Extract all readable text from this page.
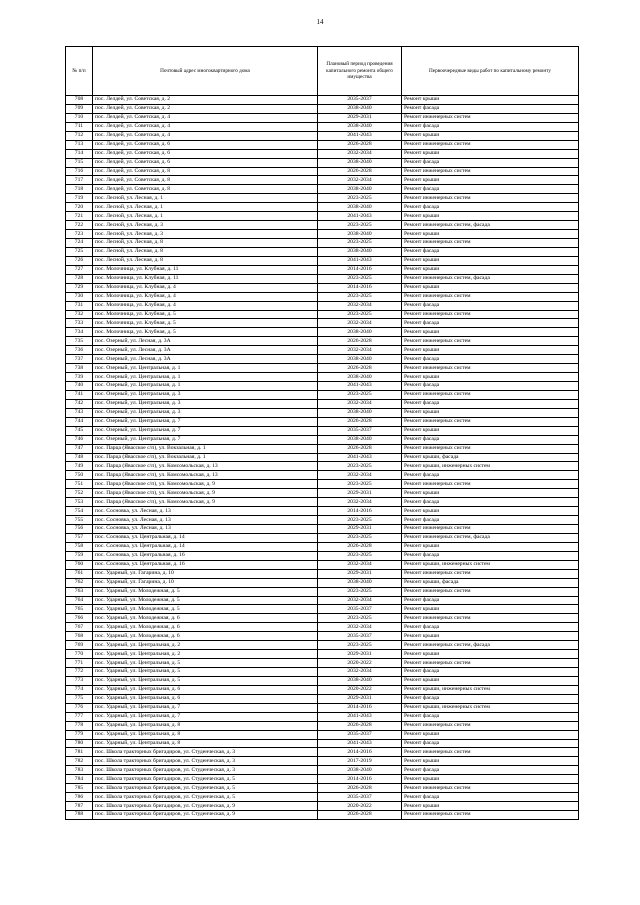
14
№ п/п	Почтовый адрес многоквартирного дома	Плановый период проведения капитального ремонта общего имущества	Первоочередные виды работ по капитальному ремонту
708	пос. Лелдей, ул. Советская, д. 2	2035-2037	Ремонт крыши
709	пос. Лелдей, ул. Советская, д. 2	2038-2040	Ремонт фасада
710	пос. Лелдей, ул. Советская, д. 4	2029-2031	Ремонт инженерных систем
711	пос. Лелдей, ул. Советская, д. 4	2038-2040	Ремонт фасада
712	пос. Лелдей, ул. Советская, д. 4	2041-2043	Ремонт крыши
713	пос. Лелдей, ул. Советская, д. 6	2026-2028	Ремонт инженерных систем
714	пос. Лелдей, ул. Советская, д. 6	2032-2034	Ремонт крыши
715	пос. Лелдей, ул. Советская, д. 6	2038-2040	Ремонт фасада
716	пос. Лелдей, ул. Советская, д. 8	2026-2028	Ремонт инженерных систем
717	пос. Лелдей, ул. Советская, д. 8	2032-2034	Ремонт крыши
718	пос. Лелдей, ул. Советская, д. 8	2038-2040	Ремонт фасада
719	пос. Лесной, ул. Лесная, д. 1	2023-2025	Ремонт инженерных систем
720	пос. Лесной, ул. Лесная, д. 1	2038-2040	Ремонт фасада
721	пос. Лесной, ул. Лесная, д. 1	2041-2043	Ремонт крыши
722	пос. Лесной, ул. Лесная, д. 3	2023-2025	Ремонт инженерных систем, фасада
723	пос. Лесной, ул. Лесная, д. 3	2038-2040	Ремонт крыши
724	пос. Лесной, ул. Лесная, д. 8	2023-2025	Ремонт инженерных систем
725	пос. Лесной, ул. Лесная, д. 8	2038-2040	Ремонт фасада
726	пос. Лесной, ул. Лесная, д. 8	2041-2043	Ремонт крыши
727	пос. Молочница, ул. Клубная, д. 11	2014-2016	Ремонт крыши
728	пос. Молочница, ул. Клубная, д. 11	2023-2025	Ремонт инженерных систем, фасада
729	пос. Молочница, ул. Клубная, д. 4	2014-2016	Ремонт крыши
730	пос. Молочница, ул. Клубная, д. 4	2023-2025	Ремонт инженерных систем
731	пос. Молочница, ул. Клубная, д. 4	2032-2034	Ремонт фасада
732	пос. Молочница, ул. Клубная, д. 5	2023-2025	Ремонт инженерных систем
733	пос. Молочница, ул. Клубная, д. 5	2032-2034	Ремонт фасада
734	пос. Молочница, ул. Клубная, д. 5	2038-2040	Ремонт крыши
735	пос. Озерный, ул. Лесная, д. 3А	2026-2028	Ремонт инженерных систем
736	пос. Озерный, ул. Лесная, д. 3А	2032-2034	Ремонт крыши
737	пос. Озерный, ул. Лесная, д. 3А	2038-2040	Ремонт фасада
738	пос. Озерный, ул. Центральная, д. 1	2026-2028	Ремонт инженерных систем
739	пос. Озерный, ул. Центральная, д. 1	2038-2040	Ремонт крыши
740	пос. Озерный, ул. Центральная, д. 1	2041-2043	Ремонт фасада
741	пос. Озерный, ул. Центральная, д. 3	2023-2025	Ремонт инженерных систем
742	пос. Озерный, ул. Центральная, д. 3	2032-2034	Ремонт фасада
743	пос. Озерный, ул. Центральная, д. 3	2038-2040	Ремонт крыши
744	пос. Озерный, ул. Центральная, д. 7	2026-2028	Ремонт инженерных систем
745	пос. Озерный, ул. Центральная, д. 7	2035-2037	Ремонт крыши
746	пос. Озерный, ул. Центральная, д. 7	2038-2040	Ремонт фасада
747	пос. Парца (Явасское с/п), ул. Вокзальная, д. 1	2026-2028	Ремонт инженерных систем
748	пос. Парца (Явасское с/п), ул. Вокзальная, д. 1	2041-2043	Ремонт крыши, фасада
749	пос. Парца (Явасское с/п), ул. Комсомольская, д. 13	2023-2025	Ремонт крыши, инженерных систем
750	пос. Парца (Явасское с/п), ул. Комсомольская, д. 13	2032-2034	Ремонт фасада
751	пос. Парца (Явасское с/п), ул. Комсомольская, д. 9	2023-2025	Ремонт инженерных систем
752	пос. Парца (Явасское с/п), ул. Комсомольская, д. 9	2029-2031	Ремонт крыши
753	пос. Парца (Явасское с/п), ул. Комсомольская, д. 9	2032-2034	Ремонт фасада
754	пос. Сосновка, ул. Лесная, д. 13	2014-2016	Ремонт крыши
755	пос. Сосновка, ул. Лесная, д. 13	2023-2025	Ремонт фасада
756	пос. Сосновка, ул. Лесная, д. 13	2029-2031	Ремонт инженерных систем
757	пос. Сосновка, ул. Центральная, д. 14	2023-2025	Ремонт инженерных систем, фасада
758	пос. Сосновка, ул. Центральная, д. 14	2026-2028	Ремонт крыши
759	пос. Сосновка, ул. Центральная, д. 16	2023-2025	Ремонт фасада
760	пос. Сосновка, ул. Центральная, д. 16	2032-2034	Ремонт крыши, инженерных систем
761	пос. Ударный, ул. Гагарина, д. 10	2029-2031	Ремонт инженерных систем
762	пос. Ударный, ул. Гагарина, д. 10	2038-2040	Ремонт крыши, фасада
763	пос. Ударный, ул. Молодежная, д. 5	2023-2025	Ремонт инженерных систем
764	пос. Ударный, ул. Молодежная, д. 5	2032-2034	Ремонт фасада
765	пос. Ударный, ул. Молодежная, д. 5	2035-2037	Ремонт крыши
766	пос. Ударный, ул. Молодежная, д. 6	2023-2025	Ремонт инженерных систем
767	пос. Ударный, ул. Молодежная, д. 6	2032-2034	Ремонт фасада
768	пос. Ударный, ул. Молодежная, д. 6	2035-2037	Ремонт крыши
769	пос. Ударный, ул. Центральная, д. 2	2023-2025	Ремонт инженерных систем, фасада
770	пос. Ударный, ул. Центральная, д. 2	2029-2031	Ремонт крыши
771	пос. Ударный, ул. Центральная, д. 5	2020-2022	Ремонт инженерных систем
772	пос. Ударный, ул. Центральная, д. 5	2032-2034	Ремонт фасада
773	пос. Ударный, ул. Центральная, д. 5	2038-2040	Ремонт крыши
774	пос. Ударный, ул. Центральная, д. 6	2020-2022	Ремонт крыши, инженерных систем
775	пос. Ударный, ул. Центральная, д. 6	2029-2031	Ремонт фасада
776	пос. Ударный, ул. Центральная, д. 7	2014-2016	Ремонт крыши, инженерных систем
777	пос. Ударный, ул. Центральная, д. 7	2041-2043	Ремонт фасада
778	пос. Ударный, ул. Центральная, д. 8	2026-2028	Ремонт инженерных систем
779	пос. Ударный, ул. Центральная, д. 8	2035-2037	Ремонт крыши
780	пос. Ударный, ул. Центральная, д. 8	2041-2043	Ремонт фасада
781	пос. Школа тракторных бригадиров, ул. Студенческая, д. 3	2014-2016	Ремонт инженерных систем
782	пос. Школа тракторных бригадиров, ул. Студенческая, д. 3	2017-2019	Ремонт крыши
783	пос. Школа тракторных бригадиров, ул. Студенческая, д. 3	2038-2040	Ремонт фасада
784	пос. Школа тракторных бригадиров, ул. Студенческая, д. 5	2014-2016	Ремонт крыши
785	пос. Школа тракторных бригадиров, ул. Студенческая, д. 5	2026-2028	Ремонт инженерных систем
786	пос. Школа тракторных бригадиров, ул. Студенческая, д. 5	2035-2037	Ремонт фасада
787	пос. Школа тракторных бригадиров, ул. Студенческая, д. 9	2020-2022	Ремонт крыши
788	пос. Школа тракторных бригадиров, ул. Студенческая, д. 9	2026-2028	Ремонт инженерных систем
